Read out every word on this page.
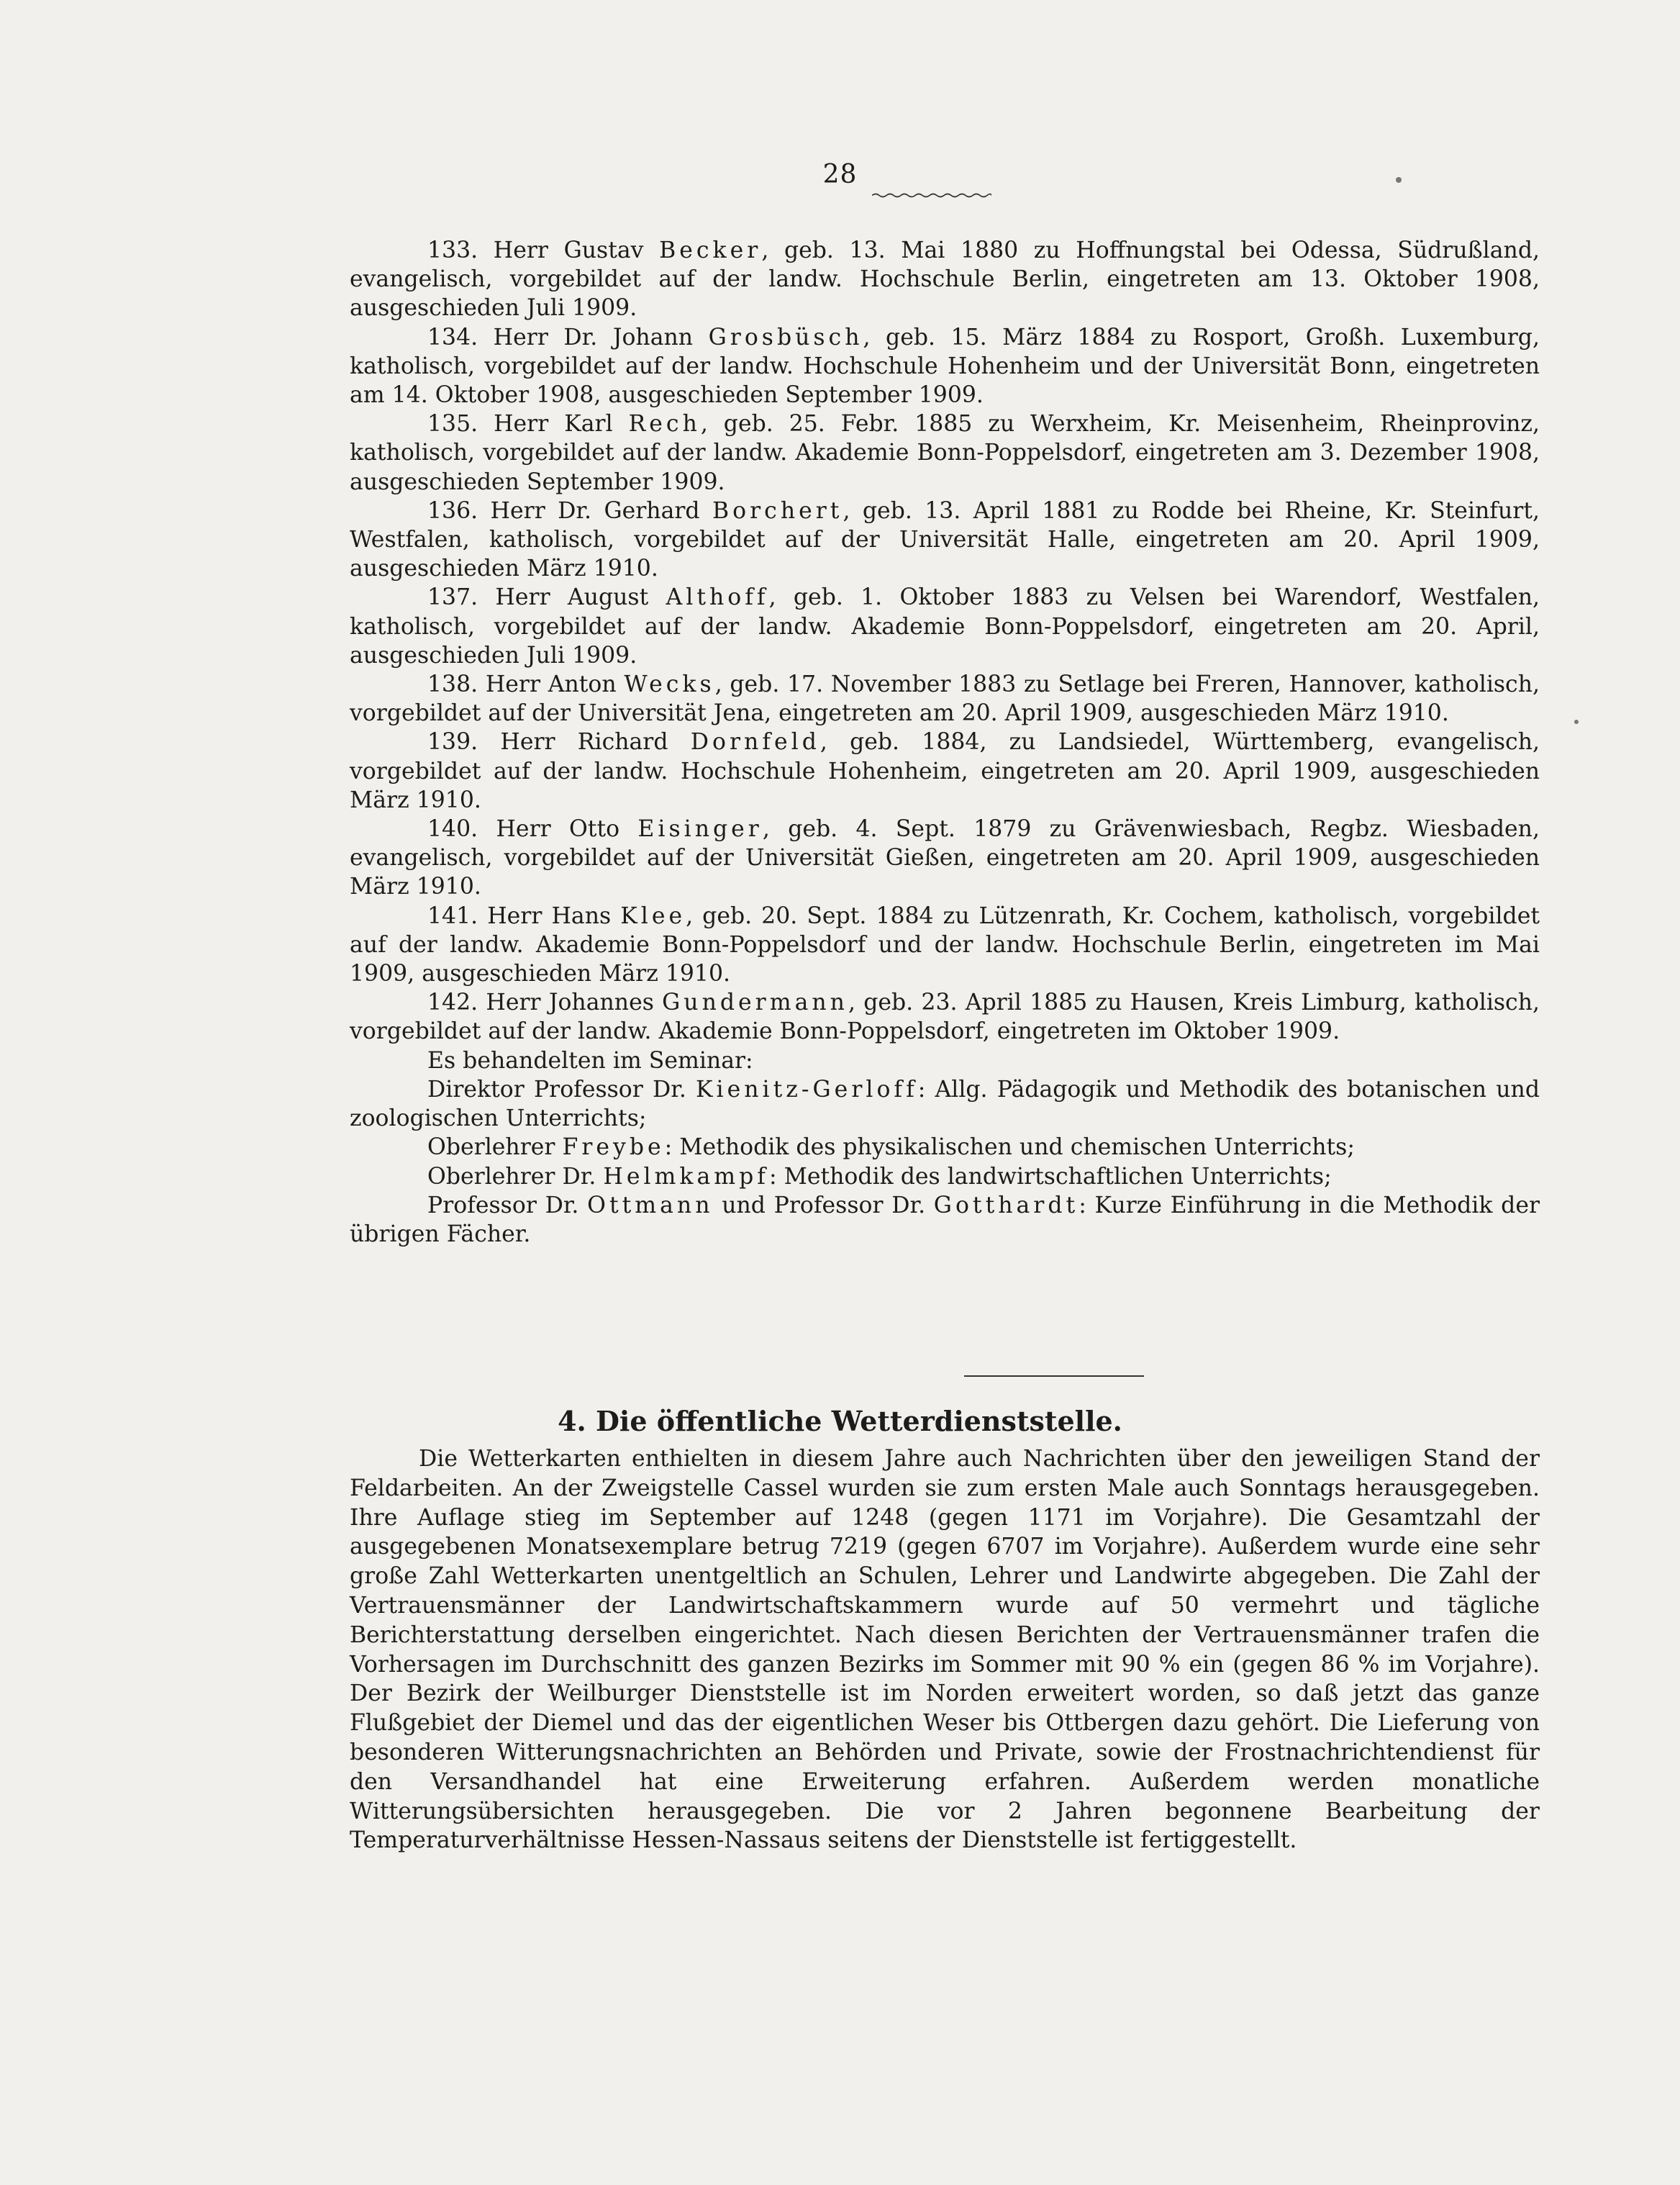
28

133. Herr Gustav Becker, geb. 13. Mai 1880 zu Hoffnungstal bei Odessa, Südrußland, evangelisch, vorgebildet auf der landw. Hochschule Berlin, eingetreten am 13. Oktober 1908, ausgeschieden Juli 1909.

134. Herr Dr. Johann Grosbüsch, geb. 15. März 1884 zu Rosport, Großh. Luxemburg, katholisch, vorgebildet auf der landw. Hochschule Hohenheim und der Universität Bonn, eingetreten am 14. Oktober 1908, ausgeschieden September 1909.

135. Herr Karl Rech, geb. 25. Febr. 1885 zu Werxheim, Kr. Meisenheim, Rheinprovinz, katholisch, vorgebildet auf der landw. Akademie Bonn-Poppelsdorf, eingetreten am 3. Dezember 1908, ausgeschieden September 1909.

136. Herr Dr. Gerhard Borchert, geb. 13. April 1881 zu Rodde bei Rheine, Kr. Steinfurt, Westfalen, katholisch, vorgebildet auf der Universität Halle, eingetreten am 20. April 1909, ausgeschieden März 1910.

137. Herr August Althoff, geb. 1. Oktober 1883 zu Velsen bei Warendorf, Westfalen, katholisch, vorgebildet auf der landw. Akademie Bonn-Poppelsdorf, eingetreten am 20. April, ausgeschieden Juli 1909.

138. Herr Anton Wecks, geb. 17. November 1883 zu Setlage bei Freren, Hannover, katholisch, vorgebildet auf der Universität Jena, eingetreten am 20. April 1909, ausgeschieden März 1910.

139. Herr Richard Dornfeld, geb. 1884, zu Landsiedel, Württemberg, evangelisch, vorgebildet auf der landw. Hochschule Hohenheim, eingetreten am 20. April 1909, ausgeschieden März 1910.

140. Herr Otto Eisinger, geb. 4. Sept. 1879 zu Grävenwiesbach, Regbz. Wiesbaden, evangelisch, vorgebildet auf der Universität Gießen, eingetreten am 20. April 1909, ausgeschieden März 1910.

141. Herr Hans Klee, geb. 20. Sept. 1884 zu Lützenrath, Kr. Cochem, katholisch, vorgebildet auf der landw. Akademie Bonn-Poppelsdorf und der landw. Hochschule Berlin, eingetreten im Mai 1909, ausgeschieden März 1910.

142. Herr Johannes Gundermann, geb. 23. April 1885 zu Hausen, Kreis Limburg, katholisch, vorgebildet auf der landw. Akademie Bonn-Poppelsdorf, eingetreten im Oktober 1909.

Es behandelten im Seminar:

Direktor Professor Dr. Kienitz-Gerloff: Allg. Pädagogik und Methodik des botanischen und zoologischen Unterrichts;

Oberlehrer Freybe: Methodik des physikalischen und chemischen Unterrichts;

Oberlehrer Dr. Helmkampf: Methodik des landwirtschaftlichen Unterrichts;

Professor Dr. Ottmann und Professor Dr. Gotthardt: Kurze Einführung in die Methodik der übrigen Fächer.

4. Die öffentliche Wetterdienststelle.

Die Wetterkarten enthielten in diesem Jahre auch Nachrichten über den jeweiligen Stand der Feldarbeiten. An der Zweigstelle Cassel wurden sie zum ersten Male auch Sonntags herausgegeben. Ihre Auflage stieg im September auf 1248 (gegen 1171 im Vorjahre). Die Gesamtzahl der ausgegebenen Monatsexemplare betrug 7219 (gegen 6707 im Vorjahre). Außerdem wurde eine sehr große Zahl Wetterkarten unentgeltlich an Schulen, Lehrer und Landwirte abgegeben. Die Zahl der Vertrauensmänner der Landwirtschaftskammern wurde auf 50 vermehrt und tägliche Berichterstattung derselben eingerichtet. Nach diesen Berichten der Vertrauensmänner trafen die Vorhersagen im Durchschnitt des ganzen Bezirks im Sommer mit 90 % ein (gegen 86 % im Vorjahre). Der Bezirk der Weilburger Dienststelle ist im Norden erweitert worden, so daß jetzt das ganze Flußgebiet der Diemel und das der eigentlichen Weser bis Ottbergen dazu gehört. Die Lieferung von besonderen Witterungsnachrichten an Behörden und Private, sowie der Frostnachrichtendienst für den Versandhandel hat eine Erweiterung erfahren. Außerdem werden monatliche Witterungsübersichten herausgegeben. Die vor 2 Jahren begonnene Bearbeitung der Temperaturverhältnisse Hessen-Nassaus seitens der Dienststelle ist fertiggestellt.
